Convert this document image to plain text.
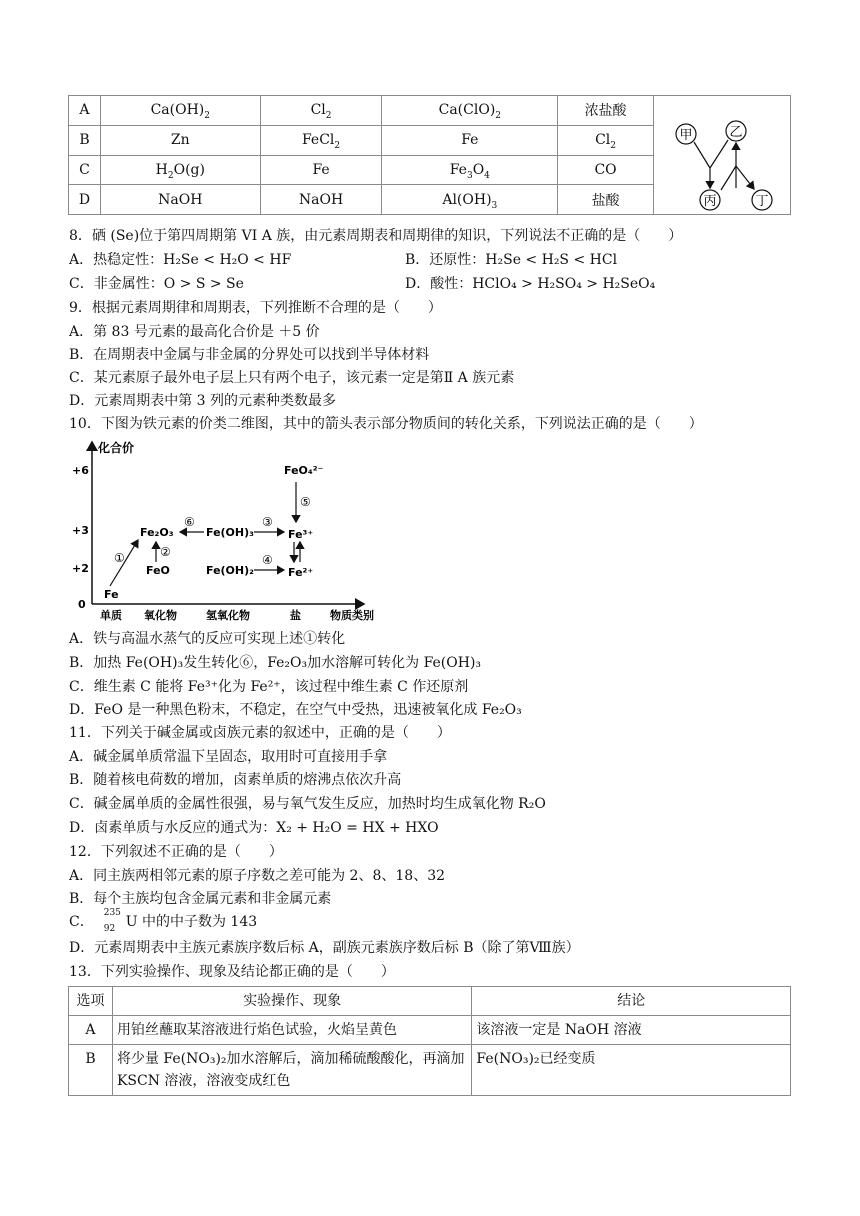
A	$Ca(OH)_2$	$Cl_2$	$Ca(ClO)_2$	浓盐酸	甲 乙
丙 丁

B	Zn	FeCl$_2$	Fe	$Cl_2$
C	$H_2O(g)$	Fe	$Fe_3O_4$	CO	
D	NaOH	NaOH	$Al(OH)_3$	盐酸	
8．硒 (Se)位于第四周期第 VI A 族，由元素周期表和周期律的知识，下列说法不正确的是（　　）
A．热稳定性：H₂Se < H₂O < HF	B．还原性：H₂Se < H₂S < HCl
C．非金属性：O > S > Se	D．酸性：HClO₄ > H₂SO₄ > H₂SeO₄
9．根据元素周期律和周期表，下列推断不合理的是（　　）
A．第 83 号元素的最高化合价是 ＋5 价
B．在周期表中金属与非金属的分界处可以找到半导体材料
C．某元素原子最外电子层上只有两个电子，该元素一定是第Ⅱ A 族元素
D．元素周期表中第 3 列的元素种类数最多
10．下图为铁元素的价类二维图，其中的箭头表示部分物质间的转化关系，下列说法正确的是（　　）
化合价
+6
+3
+2
0
单质 氧化物	氢氧化物	盐	物质类别
Fe
FeO
Fe₂O₃	Fe(OH)₃
Fe(OH)₂
Fe³⁺
Fe²⁺
FeO₄²⁻
①	②
⑥	③
④
⑤
A．铁与高温水蒸气的反应可实现上述①转化
B．加热 Fe(OH)₃发生转化⑥，Fe₂O₃加水溶解可转化为 Fe(OH)₃
C．维生素 C 能将 Fe³⁺化为 Fe²⁺，该过程中维生素 C 作还原剂
D．FeO 是一种黑色粉末，不稳定，在空气中受热，迅速被氧化成 Fe₂O₃
11．下列关于碱金属或卤族元素的叙述中，正确的是（　　）
A．碱金属单质常温下呈固态，取用时可直接用手拿
B．随着核电荷数的增加，卤素单质的熔沸点依次升高
C．碱金属单质的金属性很强，易与氧气发生反应，加热时均生成氧化物 R₂O
D．卤素单质与水反应的通式为：X₂ + H₂O = HX + HXO
12．下列叙述不正确的是（　　）
A．同主族两相邻元素的原子序数之差可能为 2、8、18、32
B．每个主族均包含金属元素和非金属元素
C．
235
92 U 中的中子数为 143
D．元素周期表中主族元素族序数后标 A，副族元素族序数后标 B（除了第Ⅷ族）
13．下列实验操作、现象及结论都正确的是（　　）
选项	实验操作、现象	结论
A	用铂丝蘸取某溶液进行焰色试验，火焰呈黄色	该溶液一定是 NaOH 溶液
B	将少量 Fe(NO₃)₂加水溶解后，滴加稀硫酸酸化，再滴加 KSCN 溶液，溶液变成红色	Fe(NO₃)₂已经变质
